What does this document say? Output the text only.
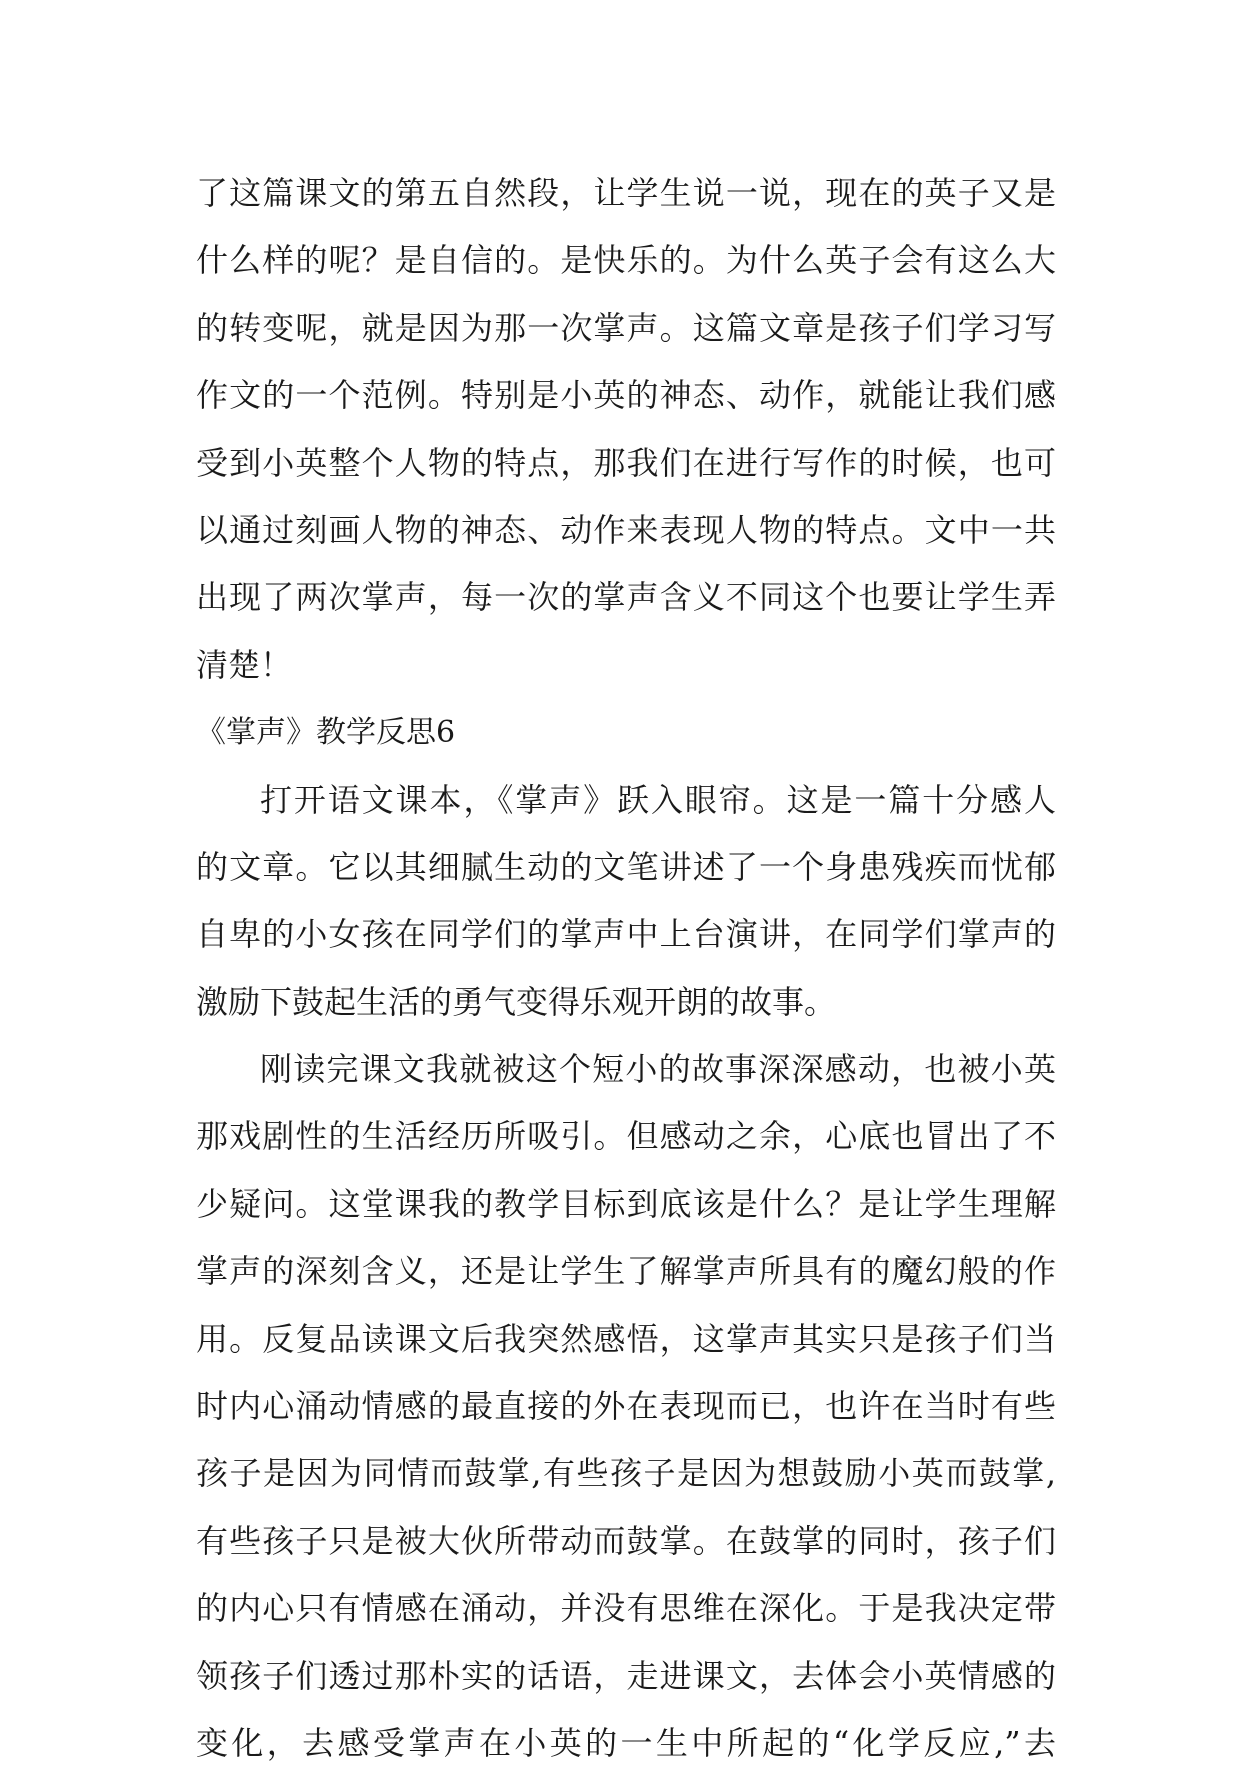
了这篇课文的第五自然段，让学生说一说，现在的英子又是
什么样的呢？是自信的。是快乐的。为什么英子会有这么大
的转变呢，就是因为那一次掌声。这篇文章是孩子们学习写
作文的一个范例。特别是小英的神态、动作，就能让我们感
受到小英整个人物的特点，那我们在进行写作的时候，也可
以通过刻画人物的神态、动作来表现人物的特点。文中一共
出现了两次掌声，每一次的掌声含义不同这个也要让学生弄
清楚！
《掌声》教学反思6
打开语文课本，《掌声》跃入眼帘。这是一篇十分感人
的文章。它以其细腻生动的文笔讲述了一个身患残疾而忧郁
自卑的小女孩在同学们的掌声中上台演讲，在同学们掌声的
激励下鼓起生活的勇气变得乐观开朗的故事。
刚读完课文我就被这个短小的故事深深感动，也被小英
那戏剧性的生活经历所吸引。但感动之余，心底也冒出了不
少疑问。这堂课我的教学目标到底该是什么？是让学生理解
掌声的深刻含义，还是让学生了解掌声所具有的魔幻般的作
用。反复品读课文后我突然感悟，这掌声其实只是孩子们当
时内心涌动情感的最直接的外在表现而已，也许在当时有些
孩子是因为同情而鼓掌,有些孩子是因为想鼓励小英而鼓掌,
有些孩子只是被大伙所带动而鼓掌。在鼓掌的同时，孩子们
的内心只有情感在涌动，并没有思维在深化。于是我决定带
领孩子们透过那朴实的话语，走进课文，去体会小英情感的
变化，去感受掌声在小英的一生中所起的“化学反应,”去
